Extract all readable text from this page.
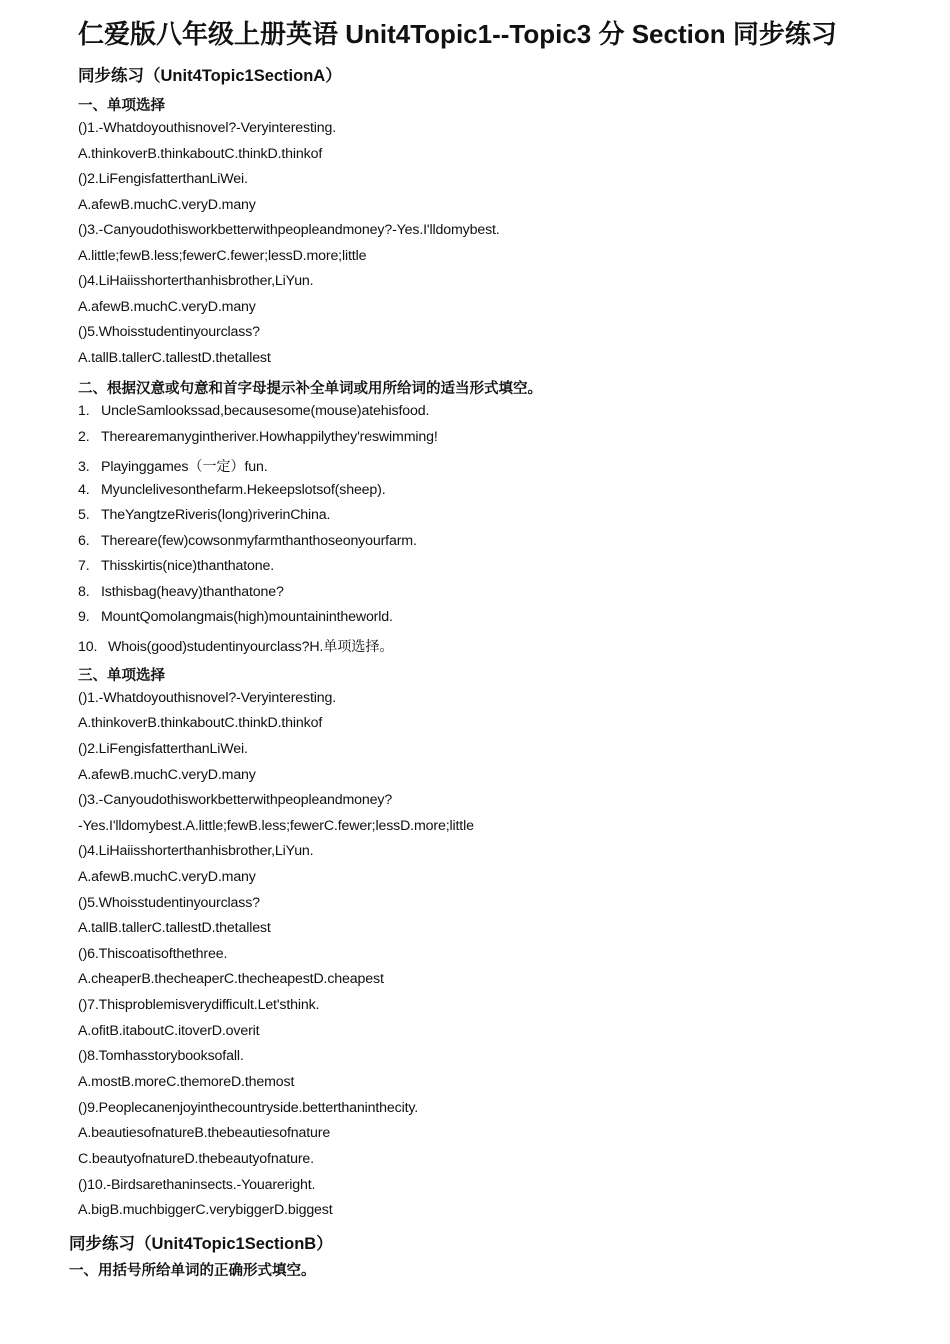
仁爱版八年级上册英语 Unit4Topic1--Topic3 分 Section 同步练习
同步练习（Unit4Topic1SectionA）
一、单项选择
()1.-Whatdoyouthisnovel?-Veryinteresting.
A.thinkoverB.thinkaboutC.thinkD.thinkof
()2.LiFengisfatterthanLiWei.
A.afewB.muchC.veryD.many
()3.-Canyoudothisworkbetterwithpeopleandmoney?-Yes.I'lldomybest.
A.little;fewB.less;fewerC.fewer;lessD.more;little
()4.LiHaiisshorterthanhisbrother,LiYun.
A.afewB.muchC.veryD.many
()5.Whoisstudentinyourclass?
A.tallB.tallerC.tallestD.thetallest
二、根据汉意或句意和首字母提示补全单词或用所给词的适当形式填空。
1. UncleSamlookssad,becausesome(mouse)atehisfood.
2. Therearemanygintheriver.Howhappilythey'reswimming!
3. Playinggames（一定）fun.
4. Myunclelivesonthefarm.Hekeepslotsof(sheep).
5. TheYangtzeRiveris(long)riverinChina.
6. Thereare(few)cowsonmyfarmthanthoseonyourfarm.
7. Thisskirtis(nice)thanthatone.
8. Isthisbag(heavy)thanthatone?
9. MountQomolangmais(high)mountainintheworld.
10. Whois(good)studentinyourclass?H.单项选择。
三、单项选择
()1.-Whatdoyouthisnovel?-Veryinteresting.
A.thinkoverB.thinkaboutC.thinkD.thinkof
()2.LiFengisfatterthanLiWei.
A.afewB.muchC.veryD.many
()3.-Canyoudothisworkbetterwithpeopleandmoney?
-Yes.I'lldomybest.A.little;fewB.less;fewerC.fewer;lessD.more;little
()4.LiHaiisshorterthanhisbrother,LiYun.
A.afewB.muchC.veryD.many
()5.Whoisstudentinyourclass?
A.tallB.tallerC.tallestD.thetallest
()6.Thiscoatisofthethree.
A.cheaperB.thecheaperC.thecheapestD.cheapest
()7.Thisproblemisverydifficult.Let'sthink.
A.ofitB.itaboutC.itoverD.overit
()8.Tomhasstorybooksofall.
A.mostB.moreC.themoreD.themost
()9.Peoplecanenjoyinthecountryside.betterthaninthecity.
A.beautiesofnatureB.thebeautiesofnature
C.beautyofnatureD.thebeautyofnature.
()10.-Birdsarethaninsects.-Youareright.
A.bigB.muchbiggerC.verybiggerD.biggest
同步练习（Unit4Topic1SectionB）
一、用括号所给单词的正确形式填空。
